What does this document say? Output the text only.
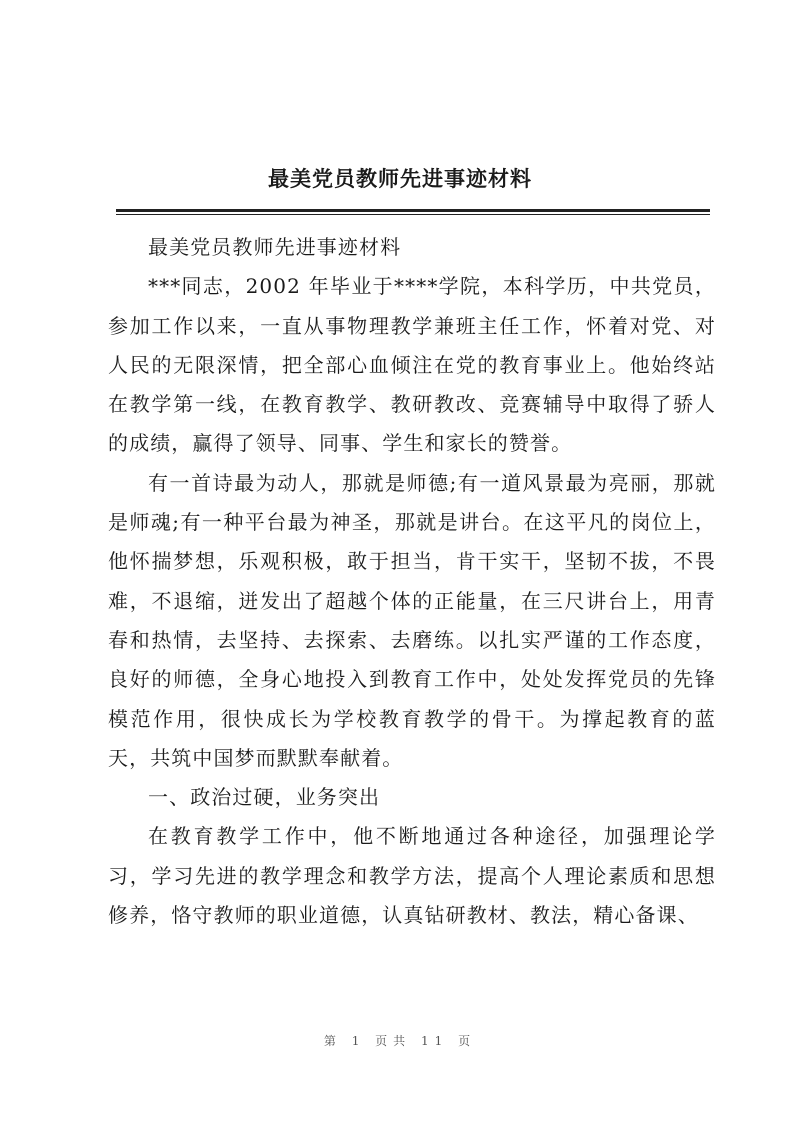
最美党员教师先进事迹材料

最美党员教师先进事迹材料

***同志，2002 年毕业于****学院，本科学历，中共党员，参加工作以来，一直从事物理教学兼班主任工作，怀着对党、对人民的无限深情，把全部心血倾注在党的教育事业上。他始终站在教学第一线，在教育教学、教研教改、竞赛辅导中取得了骄人的成绩，赢得了领导、同事、学生和家长的赞誉。

有一首诗最为动人，那就是师德;有一道风景最为亮丽，那就是师魂;有一种平台最为神圣，那就是讲台。在这平凡的岗位上，他怀揣梦想，乐观积极，敢于担当，肯干实干，坚韧不拔，不畏难，不退缩，迸发出了超越个体的正能量，在三尺讲台上，用青春和热情，去坚持、去探索、去磨练。以扎实严谨的工作态度，良好的师德，全身心地投入到教育工作中，处处发挥党员的先锋模范作用，很快成长为学校教育教学的骨干。为撑起教育的蓝天，共筑中国梦而默默奉献着。

一、政治过硬，业务突出

在教育教学工作中，他不断地通过各种途径，加强理论学习，学习先进的教学理念和教学方法，提高个人理论素质和思想修养，恪守教师的职业道德，认真钻研教材、教法，精心备课、

第 1 页共 11 页
